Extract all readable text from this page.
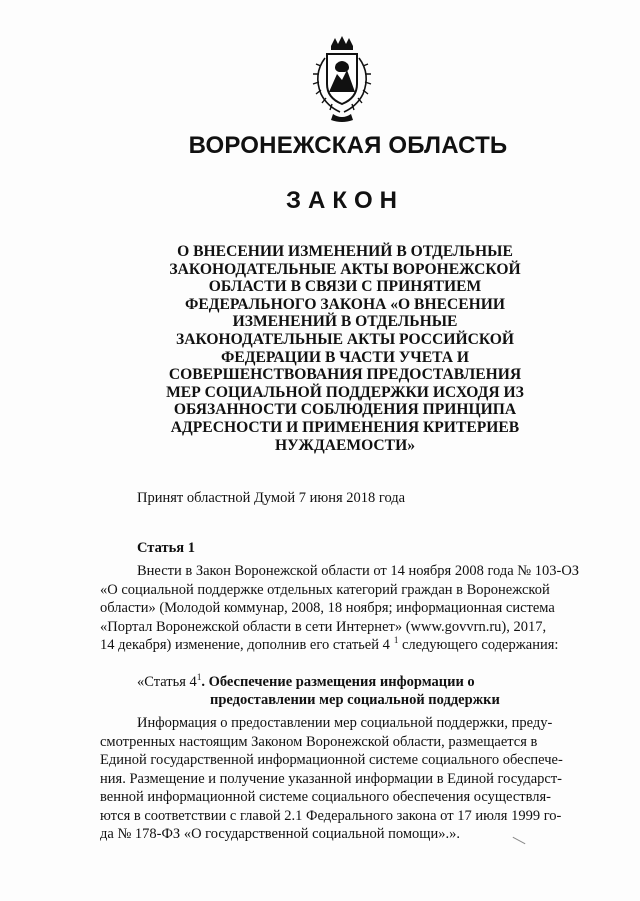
ВОРОНЕЖСКАЯ ОБЛАСТЬ
ЗАКОН
О ВНЕСЕНИИ ИЗМЕНЕНИЙ В ОТДЕЛЬНЫЕ
ЗАКОНОДАТЕЛЬНЫЕ АКТЫ ВОРОНЕЖСКОЙ
ОБЛАСТИ В СВЯЗИ С ПРИНЯТИЕМ
ФЕДЕРАЛЬНОГО ЗАКОНА «О ВНЕСЕНИИ
ИЗМЕНЕНИЙ В ОТДЕЛЬНЫЕ
ЗАКОНОДАТЕЛЬНЫЕ АКТЫ РОССИЙСКОЙ
ФЕДЕРАЦИИ В ЧАСТИ УЧЕТА И
СОВЕРШЕНСТВОВАНИЯ ПРЕДОСТАВЛЕНИЯ
МЕР СОЦИАЛЬНОЙ ПОДДЕРЖКИ ИСХОДЯ ИЗ
ОБЯЗАННОСТИ СОБЛЮДЕНИЯ ПРИНЦИПА
АДРЕСНОСТИ И ПРИМЕНЕНИЯ КРИТЕРИЕВ
НУЖДАЕМОСТИ»
Принят областной Думой 7 июня 2018 года
Статья 1
Внести в Закон Воронежской области от 14 ноября 2008 года № 103-ОЗ
«О социальной поддержке отдельных категорий граждан в Воронежской
области» (Молодой коммунар, 2008, 18 ноября; информационная система
«Портал Воронежской области в сети Интернет» (www.govvrn.ru), 2017,
14 декабря) изменение, дополнив его статьей 4 $^1$ следующего содержания:
«Статья $4^1$. Обеспечение размещения информации о
предоставлении мер социальной поддержки
Информация о предоставлении мер социальной поддержки, преду-
смотренных настоящим Законом Воронежской области, размещается в
Единой государственной информационной системе социального обеспече-
ния. Размещение и получение указанной информации в Единой государст-
венной информационной системе социального обеспечения осуществля-
ются в соответствии с главой 2.1 Федерального закона от 17 июля 1999 го-
да № 178-ФЗ «О государственной социальной помощи».».
